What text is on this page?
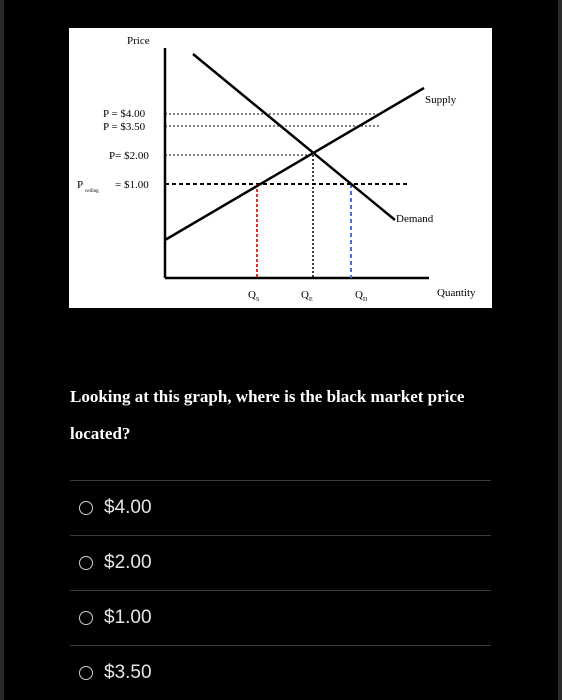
Price
Quantity
Supply
Demand
P = $4.00
P = $3.50
P= $2.00
P
ceiling
= $1.00
Q S	Q E	Q D
Looking at this graph, where is the black market price located?
$4.00
$2.00
$1.00
$3.50
